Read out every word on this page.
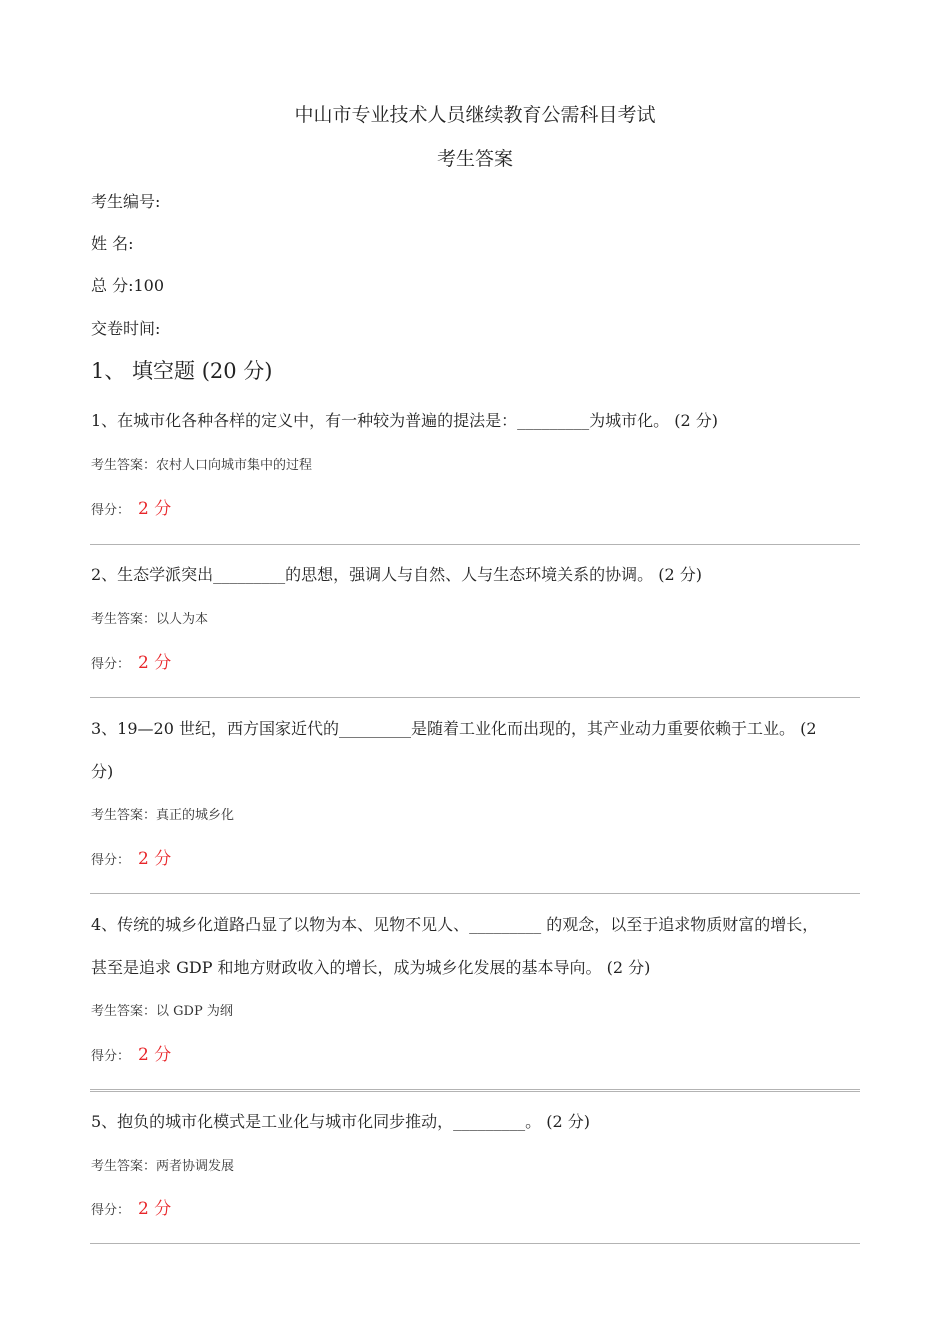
中山市专业技术人员继续教育公需科目考试
考生答案
考生编号:
姓 名:
总 分:100
交卷时间:
1、 填空题 (20 分)
1、在城市化各种各样的定义中，有一种较为普遍的提法是：_________为城市化。 (2 分)
考生答案：农村人口向城市集中的过程
得分： 2 分
2、生态学派突出_________的思想，强调人与自然、人与生态环境关系的协调。 (2 分)
考生答案：以人为本
得分： 2 分
3、19—20 世纪，西方国家近代的_________是随着工业化而出现的，其产业动力重要依赖于工业。 (2
分)
考生答案：真正的城乡化
得分： 2 分
4、传统的城乡化道路凸显了以物为本、见物不见人、_________ 的观念，以至于追求物质财富的增长，
甚至是追求 GDP 和地方财政收入的增长，成为城乡化发展的基本导向。 (2 分)
考生答案：以 GDP 为纲
得分： 2 分
5、抱负的城市化模式是工业化与城市化同步推动，_________。 (2 分)
考生答案：两者协调发展
得分： 2 分
